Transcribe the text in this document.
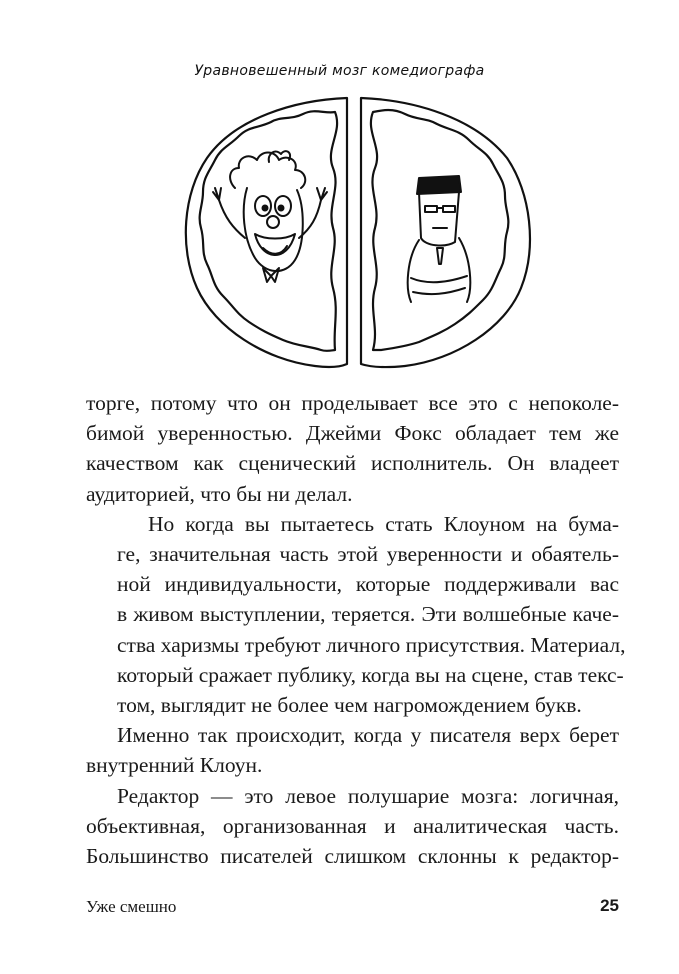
Уравновешенный мозг комедиографа

торге, потому что он проделывает все это с непоколе-
бимой уверенностью. Джейми Фокс обладает тем же
качеством как сценический исполнитель. Он владеет
аудиторией, что бы ни делал.

Но когда вы пытаетесь стать Клоуном на бума-
ге, значительная часть этой уверенности и обаятель-
ной индивидуальности, которые поддерживали вас
в живом выступлении, теряется. Эти волшебные каче-
ства харизмы требуют личного присутствия. Материал,
который сражает публику, когда вы на сцене, став текс-
том, выглядит не более чем нагромождением букв.

Именно так происходит, когда у писателя верх берет
внутренний Клоун.

Редактор — это левое полушарие мозга: логичная,
объективная, организованная и аналитическая часть.
Большинство писателей слишком склонны к редактор-

Уже смешно	25
